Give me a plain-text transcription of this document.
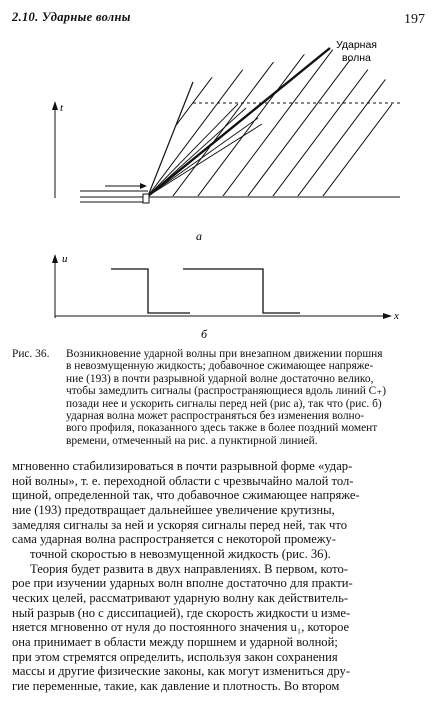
2.10. Ударные волны	197
t
Ударная
волна
а
u
x
б
Рис. 36.	Возникновение ударной волны при внезапном движении поршня
в невозмущенную жидкость; добавочное сжимающее напряже-
ние (193) в почти разрывной ударной волне достаточно велико,
чтобы замедлить сигналы (распространяющиеся вдоль линий C₊)
позади нее и ускорить сигналы перед ней (рис а), так что (рис. б)
ударная волна может распространяться без изменения волно-
вого профиля, показанного здесь также в более поздний момент
времени, отмеченный на рис. а пунктирной линией.

мгновенно стабилизироваться в почти разрывной форме «удар-
ной волны», т. е. переходной области с чрезвычайно малой тол-
щиной, определенной так, что добавочное сжимающее напряже-
ние (193) предотвращает дальнейшее увеличение крутизны,
замедляя сигналы за ней и ускоряя сигналы перед ней, так что
сама ударная волна распространяется с некоторой промежу-
точной скоростью в невозмущенной жидкость (рис. 36).

Теория будет развита в двух направлениях. В первом, кото-
рое при изучении ударных волн вполне достаточно для практи-
ческих целей, рассматривают ударную волну как действитель-
ный разрыв (но с диссипацией), где скорость жидкости u изме-
няется мгновенно от нуля до постоянного значения u₁, которое
она принимает в области между поршнем и ударной волной;
при этом стремятся определить, используя закон сохранения
массы и другие физические законы, как могут измениться дру-
гие переменные, такие, как давление и плотность. Во втором
